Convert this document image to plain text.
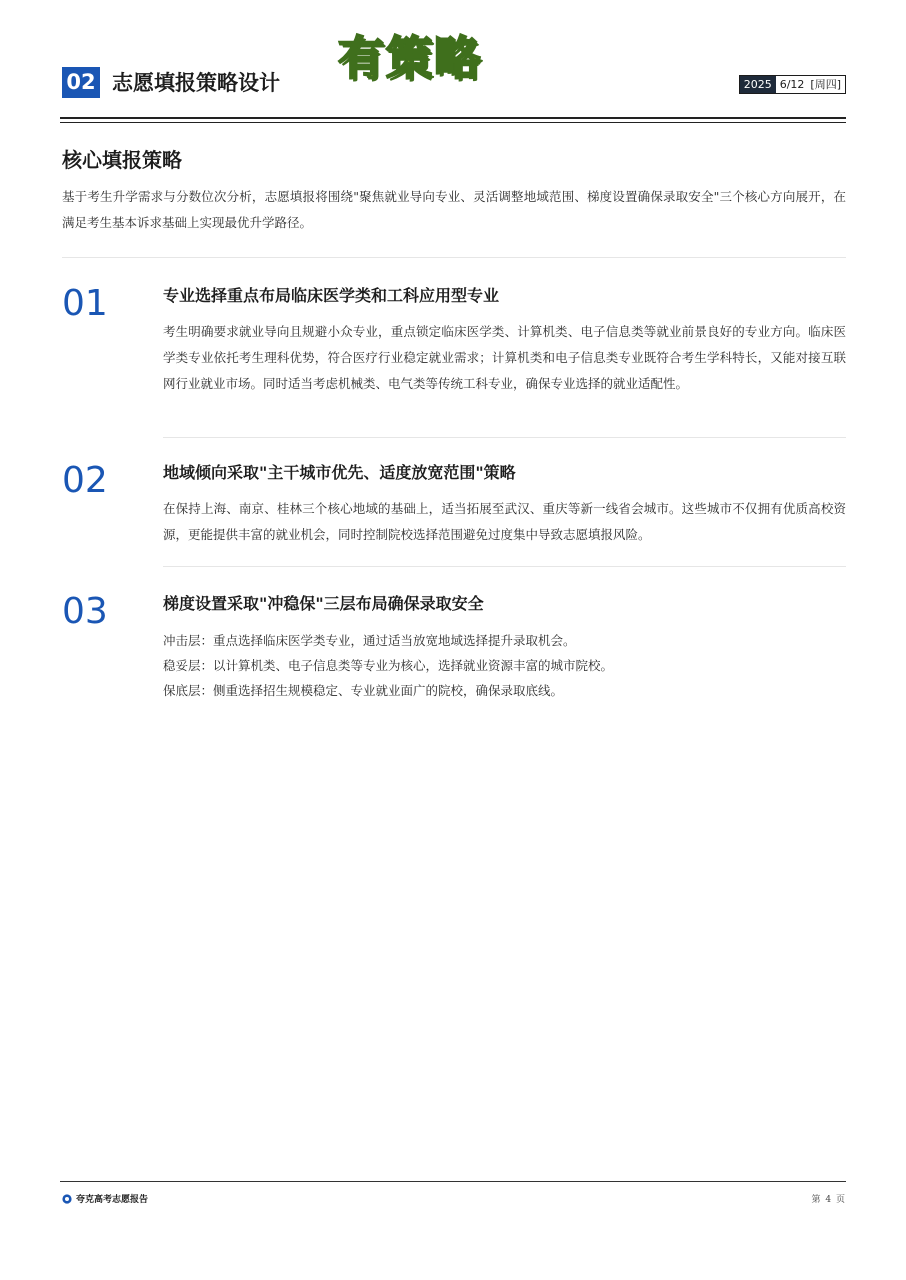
02 志愿填报策略设计 有策略	2025 6/12 [周四]
核心填报策略

基于考生升学需求与分数位次分析，志愿填报将围绕"聚焦就业导向专业、灵活调整地域范围、梯度设置确保录取安全"三个核心方向展开，在满足考生基本诉求基础上实现最优升学路径。

01	专业选择重点布局临床医学类和工科应用型专业

考生明确要求就业导向且规避小众专业，重点锁定临床医学类、计算机类、电子信息类等就业前景良好的专业方向。临床医学类专业依托考生理科优势，符合医疗行业稳定就业需求；计算机类和电子信息类专业既符合考生学科特长，又能对接互联网行业就业市场。同时适当考虑机械类、电气类等传统工科专业，确保专业选择的就业适配性。

02	地域倾向采取"主干城市优先、适度放宽范围"策略

在保持上海、南京、桂林三个核心地域的基础上，适当拓展至武汉、重庆等新一线省会城市。这些城市不仅拥有优质高校资源，更能提供丰富的就业机会，同时控制院校选择范围避免过度集中导致志愿填报风险。

03	梯度设置采取"冲稳保"三层布局确保录取安全
冲击层：重点选择临床医学类专业，通过适当放宽地域选择提升录取机会。
稳妥层：以计算机类、电子信息类等专业为核心，选择就业资源丰富的城市院校。
保底层：侧重选择招生规模稳定、专业就业面广的院校，确保录取底线。
夸克高考志愿报告	第 4 页
